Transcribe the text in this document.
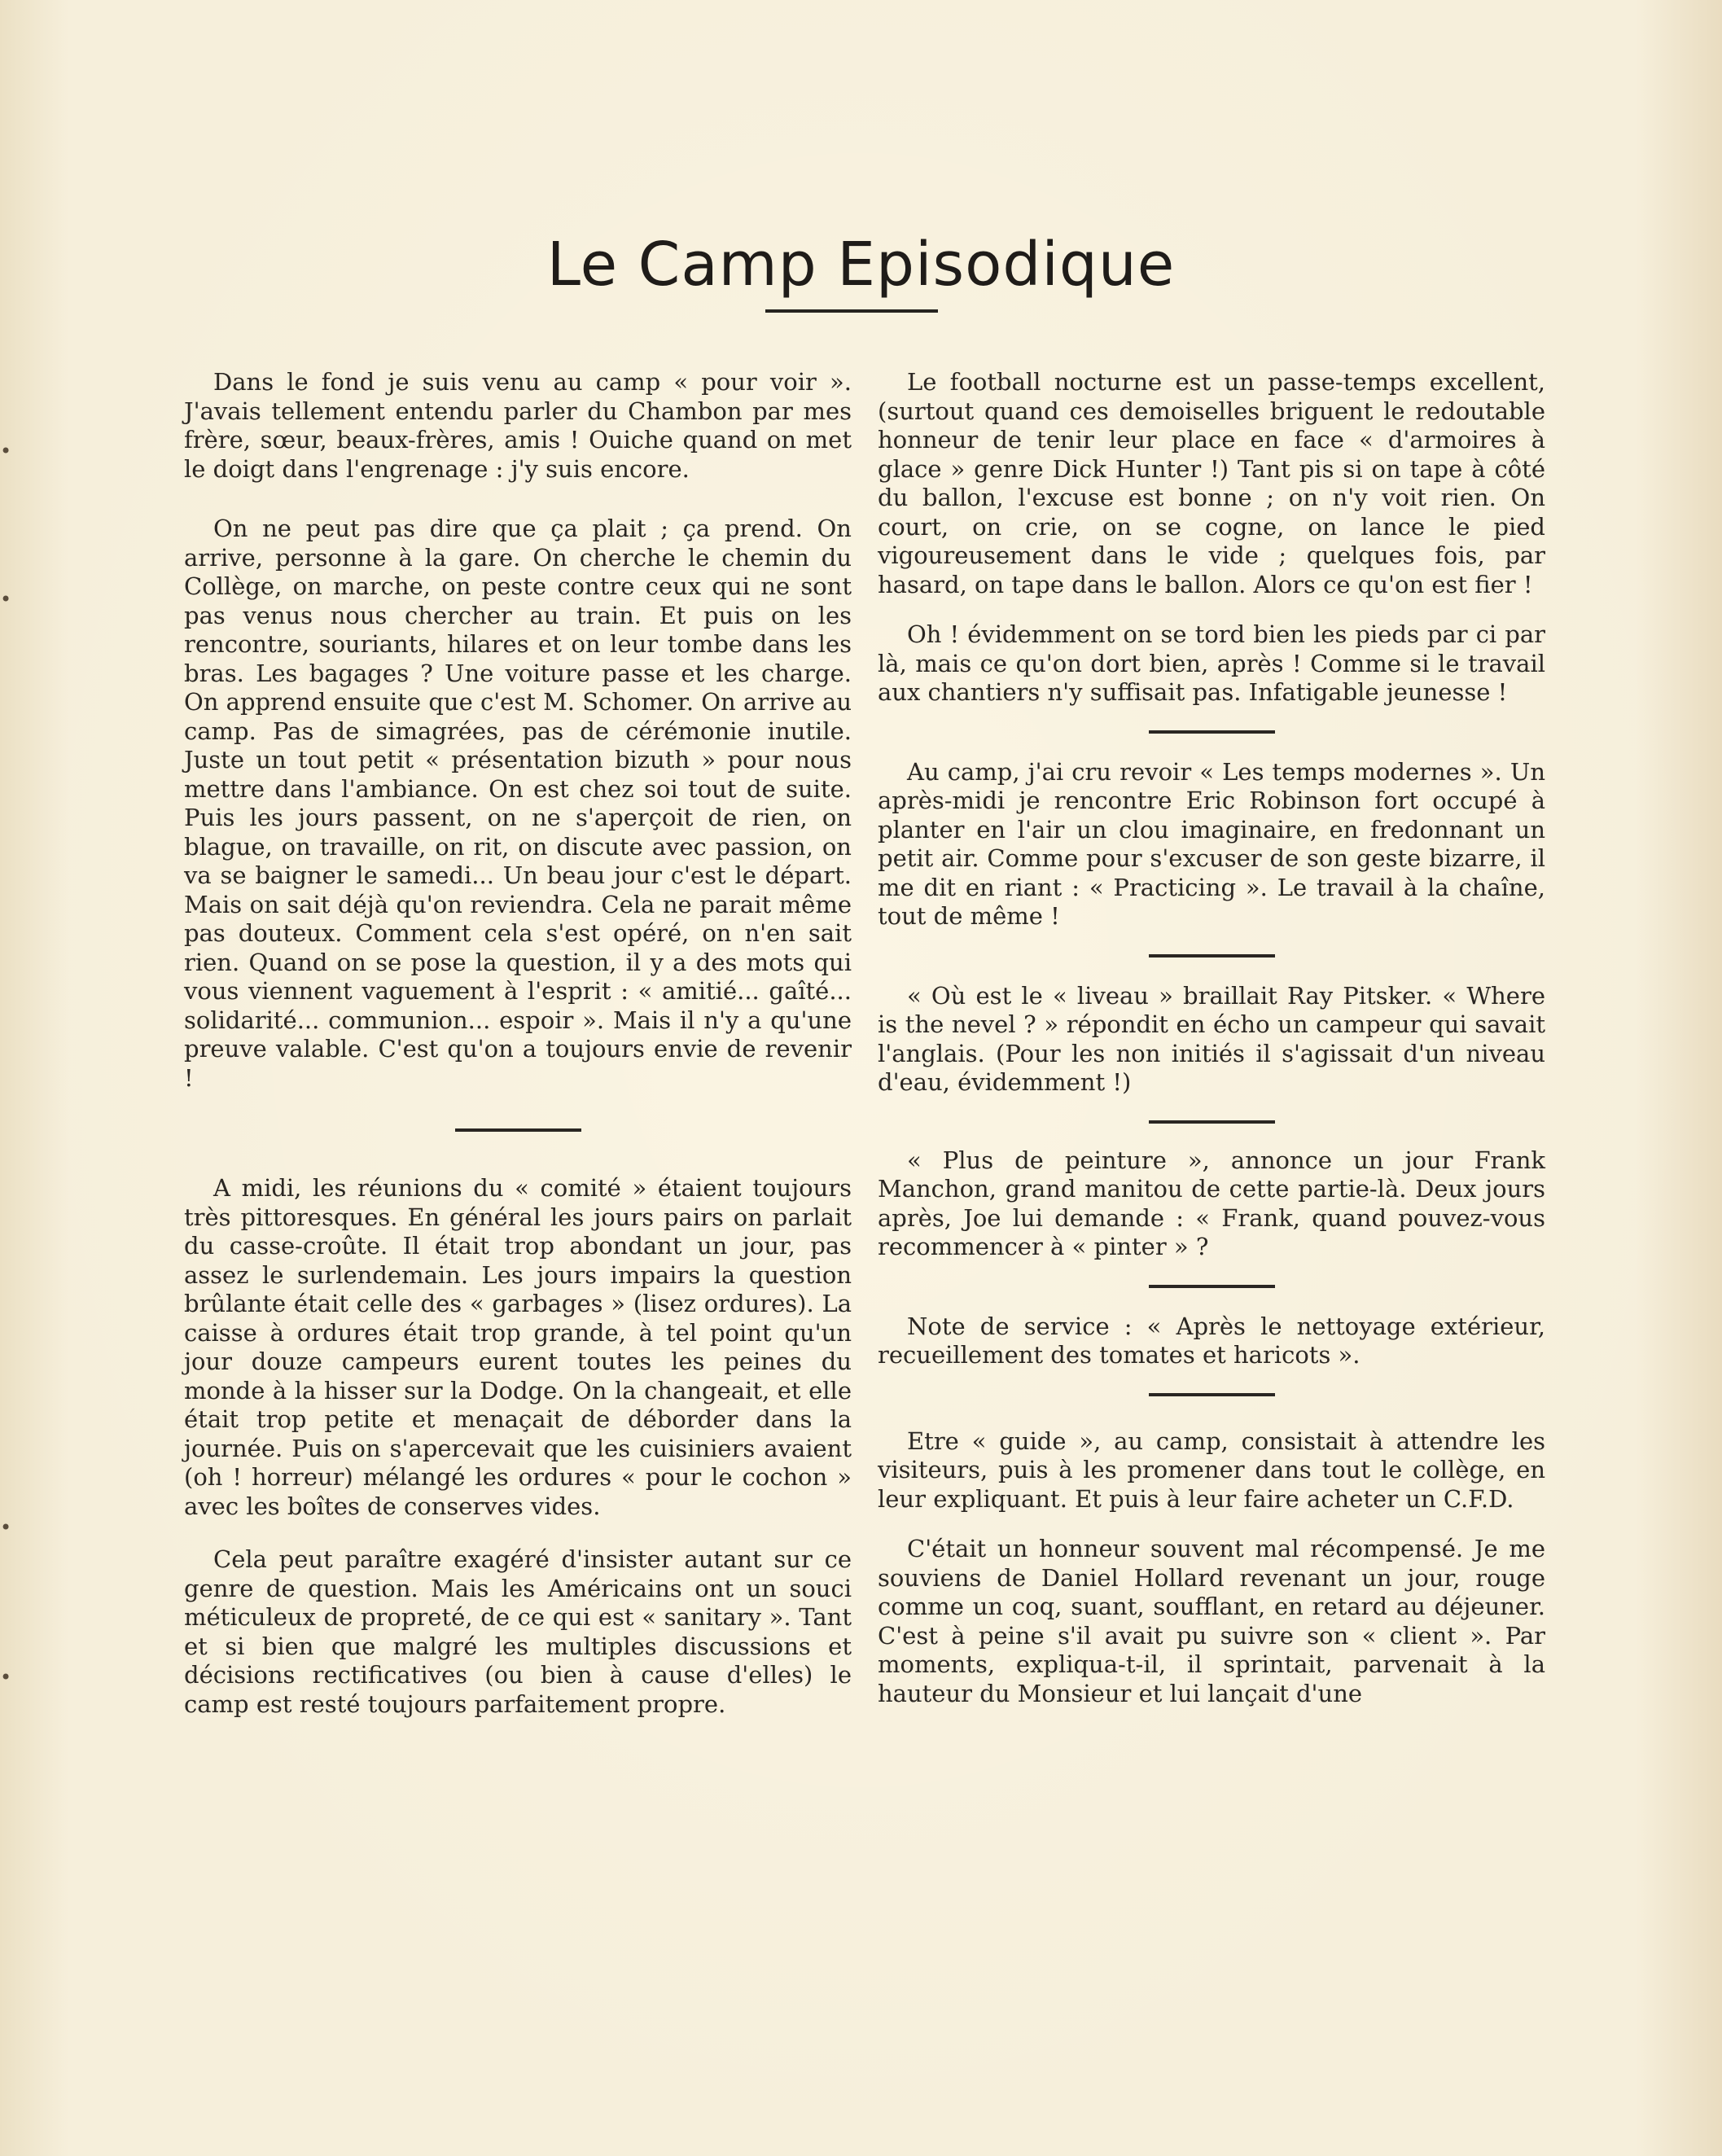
•
•
•
•
Le Camp Episodique

Dans le fond je suis venu au camp « pour voir ». J'avais tellement entendu parler du Chambon par mes frère, sœur, beaux-frères, amis ! Ouiche quand on met le doigt dans l'engrenage : j'y suis encore.

On ne peut pas dire que ça plait ; ça prend. On arrive, personne à la gare. On cherche le chemin du Collège, on marche, on peste contre ceux qui ne sont pas venus nous chercher au train. Et puis on les rencontre, souriants, hilares et on leur tombe dans les bras. Les bagages ? Une voiture passe et les charge. On apprend ensuite que c'est M. Schomer. On arrive au camp. Pas de simagrées, pas de cérémonie inutile. Juste un tout petit « présentation bizuth » pour nous mettre dans l'ambiance. On est chez soi tout de suite. Puis les jours passent, on ne s'aperçoit de rien, on blague, on travaille, on rit, on discute avec passion, on va se baigner le samedi... Un beau jour c'est le départ. Mais on sait déjà qu'on reviendra. Cela ne parait même pas douteux. Comment cela s'est opéré, on n'en sait rien. Quand on se pose la question, il y a des mots qui vous viennent vaguement à l'esprit : « amitié... gaîté... solidarité... communion... espoir ». Mais il n'y a qu'une preuve valable. C'est qu'on a toujours envie de revenir !

A midi, les réunions du « comité » étaient toujours très pittoresques. En général les jours pairs on parlait du casse-croûte. Il était trop abondant un jour, pas assez le surlendemain. Les jours impairs la question brûlante était celle des « garbages » (lisez ordures). La caisse à ordures était trop grande, à tel point qu'un jour douze campeurs eurent toutes les peines du monde à la hisser sur la Dodge. On la changeait, et elle était trop petite et menaçait de déborder dans la journée. Puis on s'apercevait que les cuisiniers avaient (oh ! horreur) mélangé les ordures « pour le cochon » avec les boîtes de conserves vides.

Cela peut paraître exagéré d'insister autant sur ce genre de question. Mais les Américains ont un souci méticuleux de propreté, de ce qui est « sanitary ». Tant et si bien que malgré les multiples discussions et décisions rectificatives (ou bien à cause d'elles) le camp est resté toujours parfaitement propre.

Le football nocturne est un passe-temps excellent, (surtout quand ces demoiselles briguent le redoutable honneur de tenir leur place en face « d'armoires à glace » genre Dick Hunter !) Tant pis si on tape à côté du ballon, l'excuse est bonne ; on n'y voit rien. On court, on crie, on se cogne, on lance le pied vigoureusement dans le vide ; quelques fois, par hasard, on tape dans le ballon. Alors ce qu'on est fier !

Oh ! évidemment on se tord bien les pieds par ci par là, mais ce qu'on dort bien, après ! Comme si le travail aux chantiers n'y suffisait pas. Infatigable jeunesse !

Au camp, j'ai cru revoir « Les temps modernes ». Un après-midi je rencontre Eric Robinson fort occupé à planter en l'air un clou imaginaire, en fredonnant un petit air. Comme pour s'excuser de son geste bizarre, il me dit en riant : « Practicing ». Le travail à la chaîne, tout de même !

« Où est le « liveau » braillait Ray Pitsker. « Where is the nevel ? » répondit en écho un campeur qui savait l'anglais. (Pour les non initiés il s'agissait d'un niveau d'eau, évidemment !)

« Plus de peinture », annonce un jour Frank Manchon, grand manitou de cette partie-là. Deux jours après, Joe lui demande : « Frank, quand pouvez-vous recommencer à « pinter » ?

Note de service : « Après le nettoyage extérieur, recueillement des tomates et haricots ».

Etre « guide », au camp, consistait à attendre les visiteurs, puis à les promener dans tout le collège, en leur expliquant. Et puis à leur faire acheter un C.F.D.

C'était un honneur souvent mal récompensé. Je me souviens de Daniel Hollard revenant un jour, rouge comme un coq, suant, soufflant, en retard au déjeuner. C'est à peine s'il avait pu suivre son « client ». Par moments, expliqua-t-il, il sprintait, parvenait à la hauteur du Monsieur et lui lançait d'une
